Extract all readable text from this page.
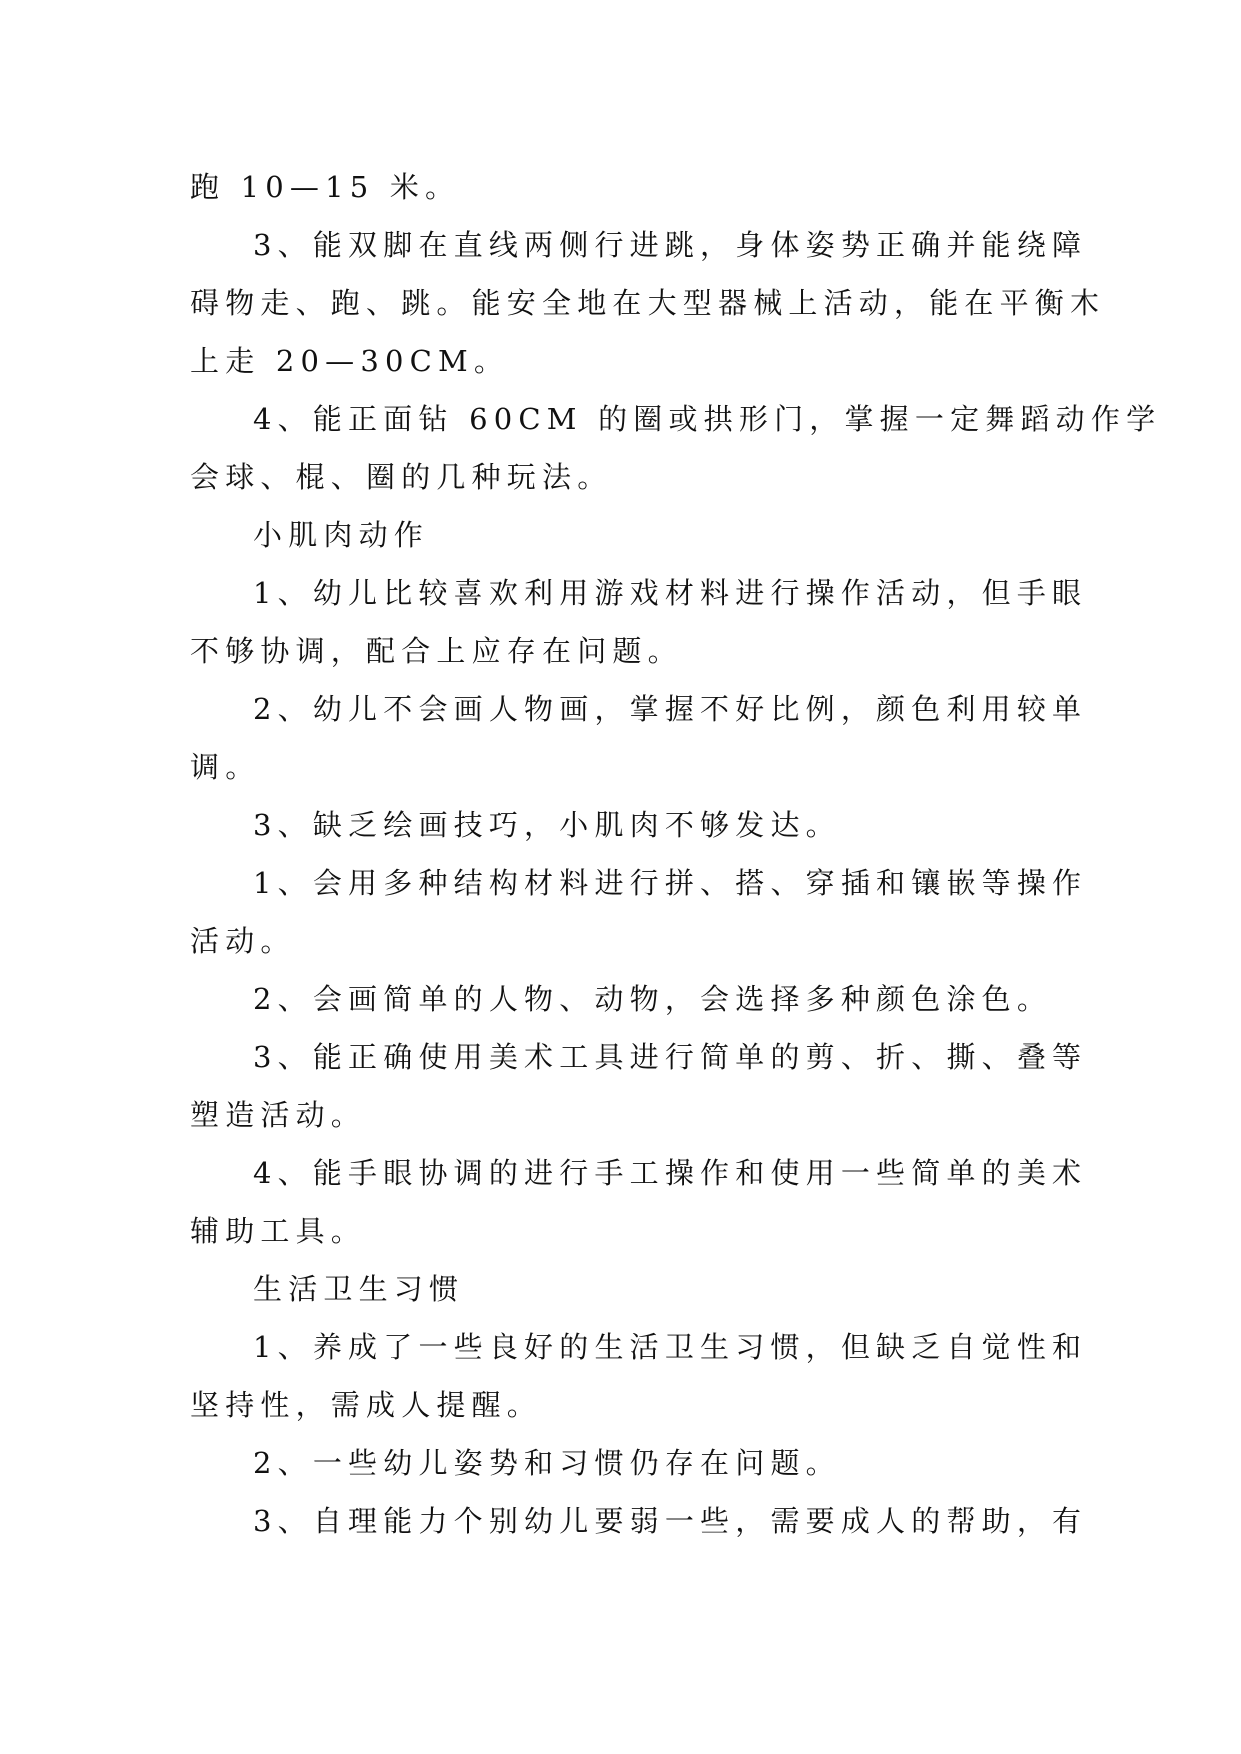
跑 10—15 米。
3、能双脚在直线两侧行进跳，身体姿势正确并能绕障
碍物走、跑、跳。能安全地在大型器械上活动，能在平衡木
上走 20—30CM。
4、能正面钻 60CM 的圈或拱形门，掌握一定舞蹈动作学
会球、棍、圈的几种玩法。
小肌肉动作
1、幼儿比较喜欢利用游戏材料进行操作活动，但手眼
不够协调，配合上应存在问题。
2、幼儿不会画人物画，掌握不好比例，颜色利用较单
调。
3、缺乏绘画技巧，小肌肉不够发达。
1、会用多种结构材料进行拼、搭、穿插和镶嵌等操作
活动。
2、会画简单的人物、动物，会选择多种颜色涂色。
3、能正确使用美术工具进行简单的剪、折、撕、叠等
塑造活动。
4、能手眼协调的进行手工操作和使用一些简单的美术
辅助工具。
生活卫生习惯
1、养成了一些良好的生活卫生习惯，但缺乏自觉性和
坚持性，需成人提醒。
2、一些幼儿姿势和习惯仍存在问题。
3、自理能力个别幼儿要弱一些，需要成人的帮助，有
